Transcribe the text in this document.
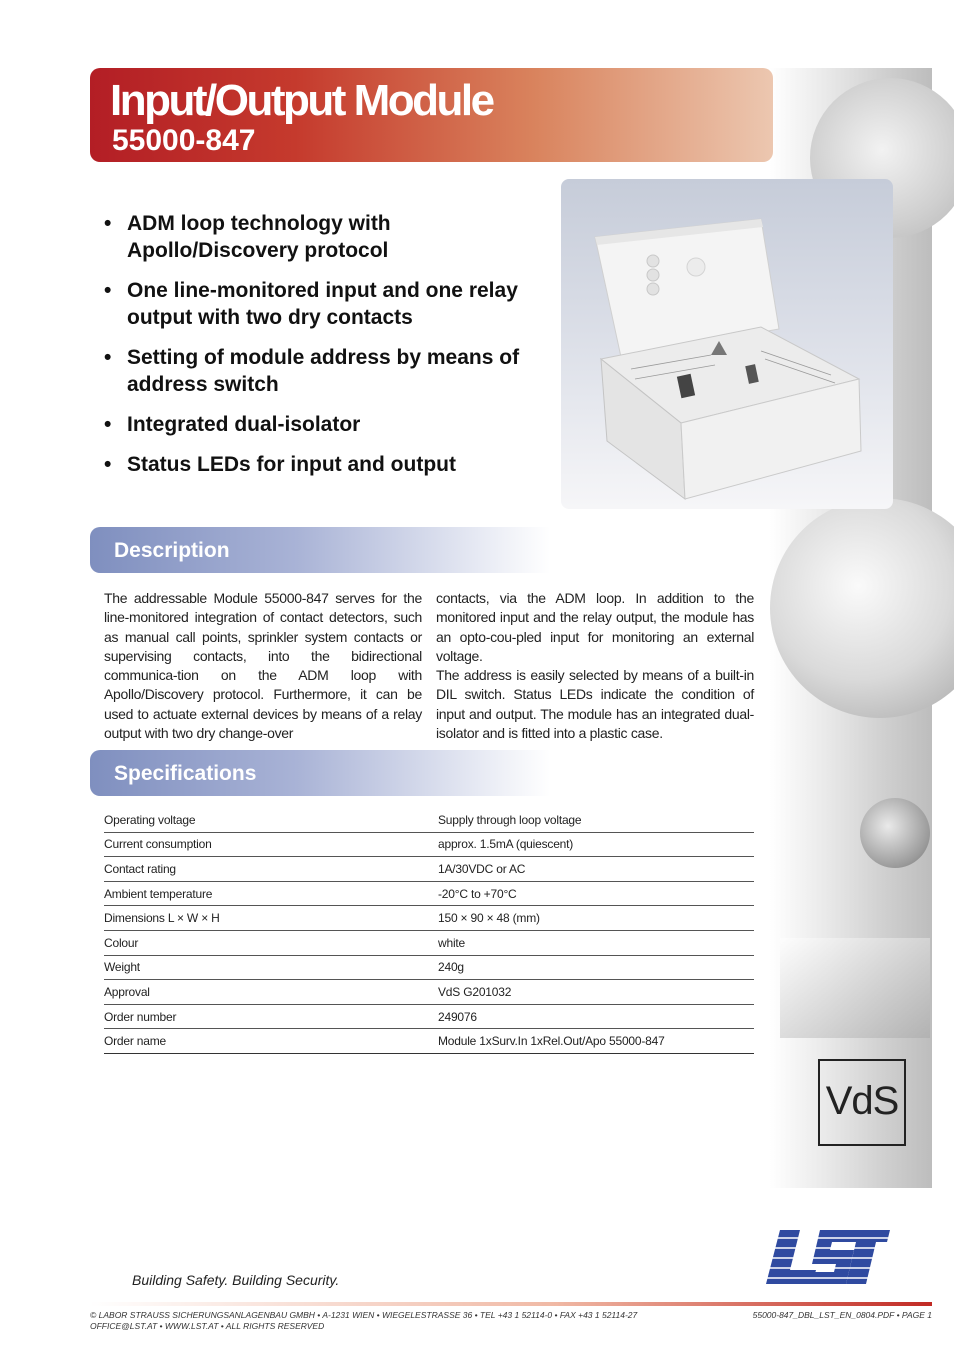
Input/Output Module
55000-847
• ADM loop technology with Apollo/Discovery protocol
• One line-monitored input and one relay output with two dry contacts
• Setting of module address by means of address switch
• Integrated dual-isolator
• Status LEDs for input and output
Description

The addressable Module 55000-847 serves for the line-monitored integration of contact detectors, such as manual call points, sprinkler system contacts or supervising contacts, into the bidirectional communica-tion on the ADM loop with Apollo/Discovery protocol. Furthermore, it can be used to actuate external devices by means of a relay output with two dry change-over

contacts, via the ADM loop. In addition to the monitored input and the relay output, the module has an opto-cou-pled input for monitoring an external voltage.
The address is easily selected by means of a built-in DIL switch. Status LEDs indicate the condition of input and output. The module has an integrated dual-isolator and is fitted into a plastic case.
Specifications
Operating voltage	Supply through loop voltage
Current consumption	approx. 1.5mA (quiescent)
Contact rating	1A/30VDC or AC
Ambient temperature	-20°C to +70°C
Dimensions L × W × H	150 × 90 × 48 (mm)
Colour	white
Weight	240g
Approval	VdS G201032
Order number	249076
Order name	Module 1xSurv.In 1xRel.Out/Apo 55000-847
VdS
Building Safety. Building Security.
© LABOR STRAUSS SICHERUNGSANLAGENBAU GMBH • A-1231 WIEN • WIEGELESTRASSE 36 • TEL +43 1 52114-0 • FAX +43 1 52114-27
OFFICE@LST.AT • WWW.LST.AT • ALL RIGHTS RESERVED
55000-847_DBL_LST_EN_0804.PDF • PAGE 1
